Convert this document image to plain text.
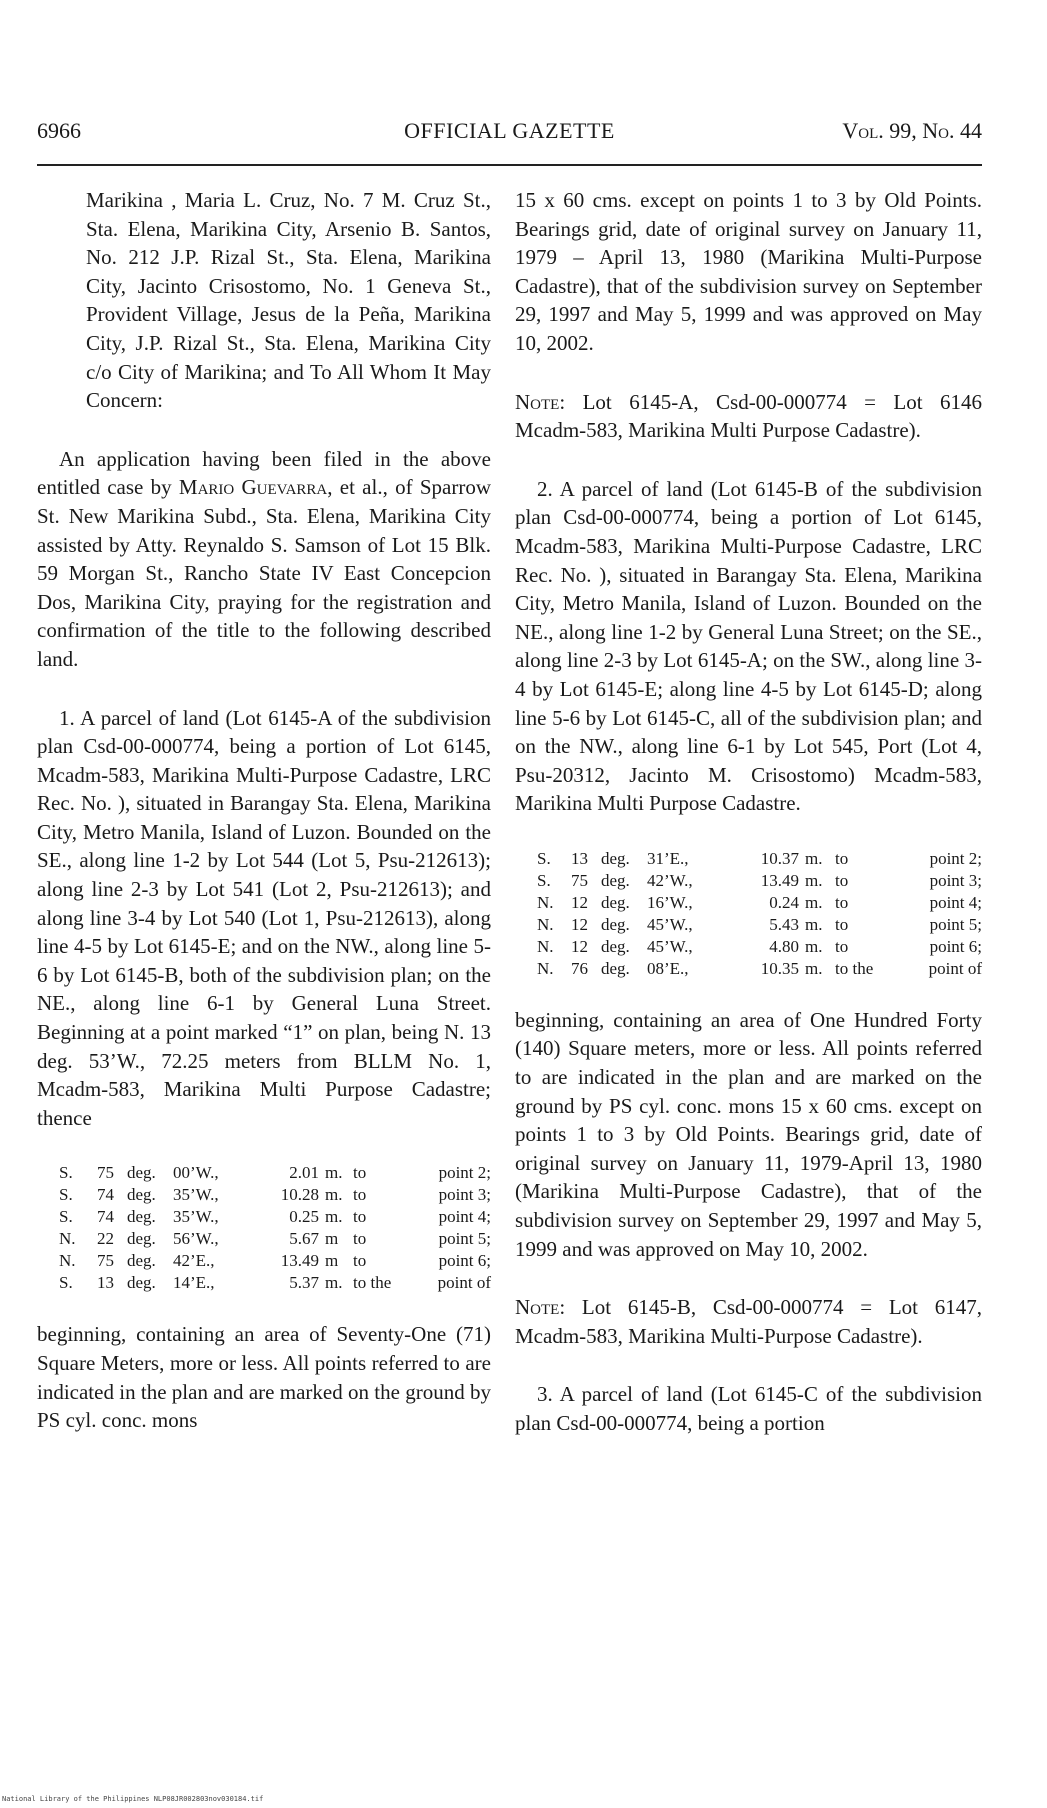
6966	OFFICIAL GAZETTE	Vol. 99, No. 44

Marikina , Maria L. Cruz, No. 7 M. Cruz St., Sta. Elena, Marikina City, Arsenio B. Santos, No. 212 J.P. Rizal St., Sta. Elena, Marikina City, Jacinto Crisostomo, No. 1 Geneva St., Provident Village, Jesus de la Peña, Marikina City, J.P. Rizal St., Sta. Elena, Marikina City c/o City of Marikina; and To All Whom It May Concern:

An application having been filed in the above entitled case by Mario Guevarra, et al., of Sparrow St. New Marikina Subd., Sta. Elena, Marikina City assisted by Atty. Reynaldo S. Samson of Lot 15 Blk. 59 Morgan St., Rancho State IV East Concepcion Dos, Marikina City, praying for the registration and confirmation of the title to the following described land.

1. A parcel of land (Lot 6145-A of the subdivision plan Csd-00-000774, being a portion of Lot 6145, Mcadm-583, Marikina Multi-Purpose Cadastre, LRC Rec. No. ), situated in Barangay Sta. Elena, Marikina City, Metro Manila, Island of Luzon. Bounded on the SE., along line 1-2 by Lot 544 (Lot 5, Psu-212613); along line 2-3 by Lot 541 (Lot 2, Psu-212613); and along line 3-4 by Lot 540 (Lot 1, Psu-212613), along line 4-5 by Lot 6145-E; and on the NW., along line 5-6 by Lot 6145-B, both of the subdivision plan; on the NE., along line 6-1 by General Luna Street. Beginning at a point marked “1” on plan, being N. 13 deg. 53’W., 72.25 meters from BLLM No. 1, Mcadm-583, Marikina Multi Purpose Cadastre; thence

S.	75	deg.	00’W.,	2.01	m.	to	point 2;
S.	74	deg.	35’W.,	10.28	m.	to	point 3;
S.	74	deg.	35’W.,	0.25	m.	to	point 4;
N.	22	deg.	56’W.,	5.67	m	to	point 5;
N.	75	deg.	42’E.,	13.49	m	to	point 6;
S.	13	deg.	14’E.,	5.37	m.	to the	point of

beginning, containing an area of Seventy-One (71) Square Meters, more or less. All points referred to are indicated in the plan and are marked on the ground by PS cyl. conc. mons

15 x 60 cms. except on points 1 to 3 by Old Points. Bearings grid, date of original survey on January 11, 1979 – April 13, 1980 (Marikina Multi-Purpose Cadastre), that of the subdivision survey on September 29, 1997 and May 5, 1999 and was approved on May 10, 2002.

Note: Lot 6145-A, Csd-00-000774 = Lot 6146 Mcadm-583, Marikina Multi Purpose Cadastre).

2. A parcel of land (Lot 6145-B of the subdivision plan Csd-00-000774, being a portion of Lot 6145, Mcadm-583, Marikina Multi-Purpose Cadastre, LRC Rec. No. ), situated in Barangay Sta. Elena, Marikina City, Metro Manila, Island of Luzon. Bounded on the NE., along line 1-2 by General Luna Street; on the SE., along line 2-3 by Lot 6145-A; on the SW., along line 3-4 by Lot 6145-E; along line 4-5 by Lot 6145-D; along line 5-6 by Lot 6145-C, all of the subdivision plan; and on the NW., along line 6-1 by Lot 545, Port (Lot 4, Psu-20312, Jacinto M. Crisostomo) Mcadm-583, Marikina Multi Purpose Cadastre.

S.	13	deg.	31’E.,	10.37	m.	to	point 2;
S.	75	deg.	42’W.,	13.49	m.	to	point 3;
N.	12	deg.	16’W.,	0.24	m.	to	point 4;
N.	12	deg.	45’W.,	5.43	m.	to	point 5;
N.	12	deg.	45’W.,	4.80	m.	to	point 6;
N.	76	deg.	08’E.,	10.35	m.	to the	point of

beginning, containing an area of One Hundred Forty (140) Square meters, more or less. All points referred to are indicated in the plan and are marked on the ground by PS cyl. conc. mons 15 x 60 cms. except on points 1 to 3 by Old Points. Bearings grid, date of original survey on January 11, 1979-April 13, 1980 (Marikina Multi-Purpose Cadastre), that of the subdivision survey on September 29, 1997 and May 5, 1999 and was approved on May 10, 2002.

Note: Lot 6145-B, Csd-00-000774 = Lot 6147, Mcadm-583, Marikina Multi-Purpose Cadastre).

3. A parcel of land (Lot 6145-C of the subdivision plan Csd-00-000774, being a portion

National Library of the Philippines NLP08JR002803nov030184.tif
